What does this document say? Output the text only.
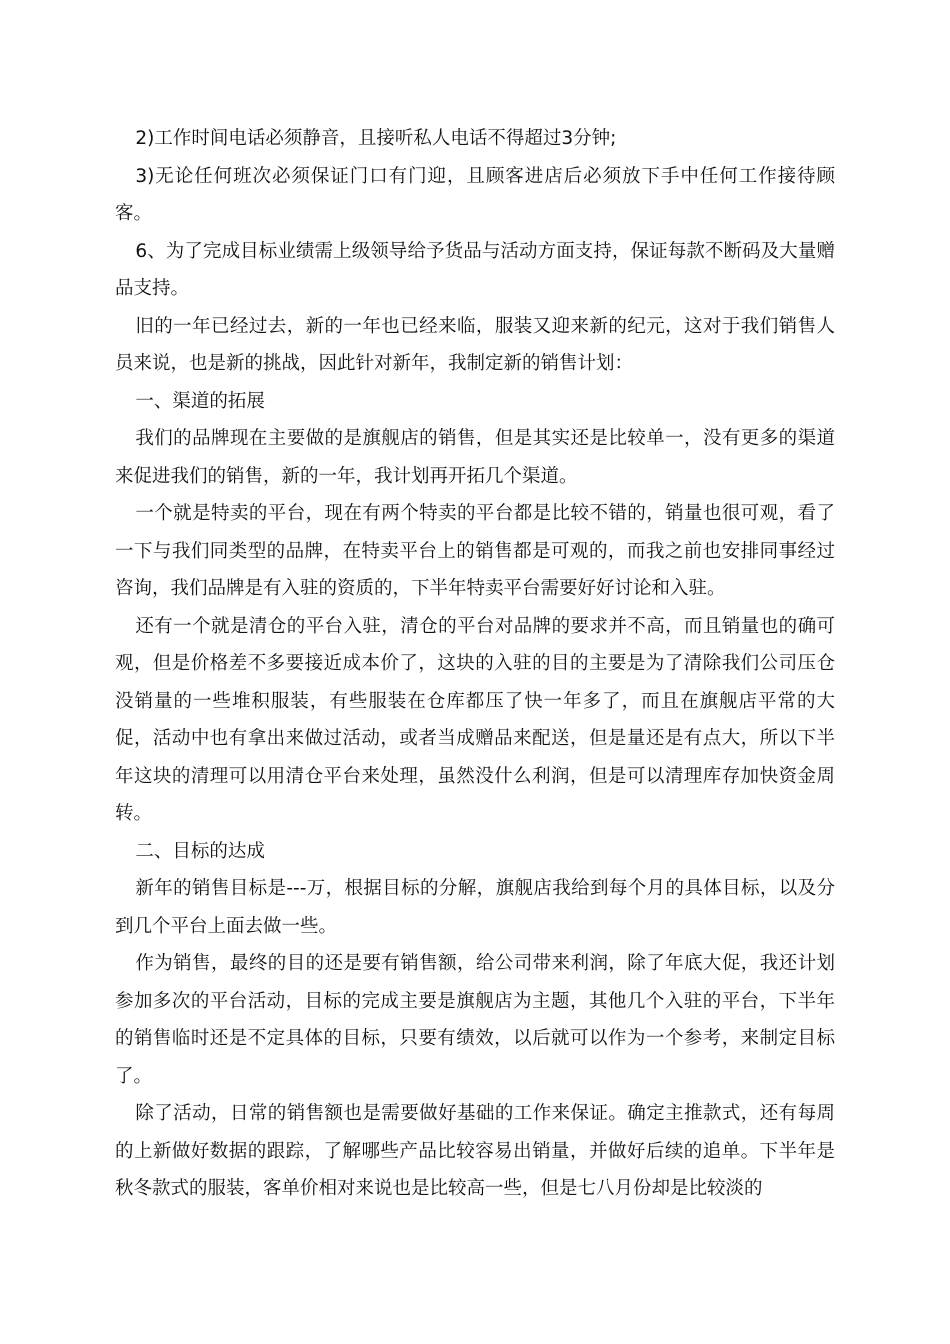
2)工作时间电话必须静音，且接听私人电话不得超过3分钟;

3)无论任何班次必须保证门口有门迎，且顾客进店后必须放下手中任何工作接待顾客。

6、为了完成目标业绩需上级领导给予货品与活动方面支持，保证每款不断码及大量赠品支持。

旧的一年已经过去，新的一年也已经来临，服装又迎来新的纪元，这对于我们销售人员来说，也是新的挑战，因此针对新年，我制定新的销售计划：

一、渠道的拓展

我们的品牌现在主要做的是旗舰店的销售，但是其实还是比较单一，没有更多的渠道来促进我们的销售，新的一年，我计划再开拓几个渠道。

一个就是特卖的平台，现在有两个特卖的平台都是比较不错的，销量也很可观，看了一下与我们同类型的品牌，在特卖平台上的销售都是可观的，而我之前也安排同事经过咨询，我们品牌是有入驻的资质的，下半年特卖平台需要好好讨论和入驻。

还有一个就是清仓的平台入驻，清仓的平台对品牌的要求并不高，而且销量也的确可观，但是价格差不多要接近成本价了，这块的入驻的目的主要是为了清除我们公司压仓没销量的一些堆积服装，有些服装在仓库都压了快一年多了，而且在旗舰店平常的大促，活动中也有拿出来做过活动，或者当成赠品来配送，但是量还是有点大，所以下半年这块的清理可以用清仓平台来处理，虽然没什么利润，但是可以清理库存加快资金周转。

二、目标的达成

新年的销售目标是---万，根据目标的分解，旗舰店我给到每个月的具体目标，以及分到几个平台上面去做一些。

作为销售，最终的目的还是要有销售额，给公司带来利润，除了年底大促，我还计划参加多次的平台活动，目标的完成主要是旗舰店为主题，其他几个入驻的平台，下半年的销售临时还是不定具体的目标，只要有绩效，以后就可以作为一个参考，来制定目标了。

除了活动，日常的销售额也是需要做好基础的工作来保证。确定主推款式，还有每周的上新做好数据的跟踪，了解哪些产品比较容易出销量，并做好后续的追单。下半年是秋冬款式的服装，客单价相对来说也是比较高一些，但是七八月份却是比较淡的
